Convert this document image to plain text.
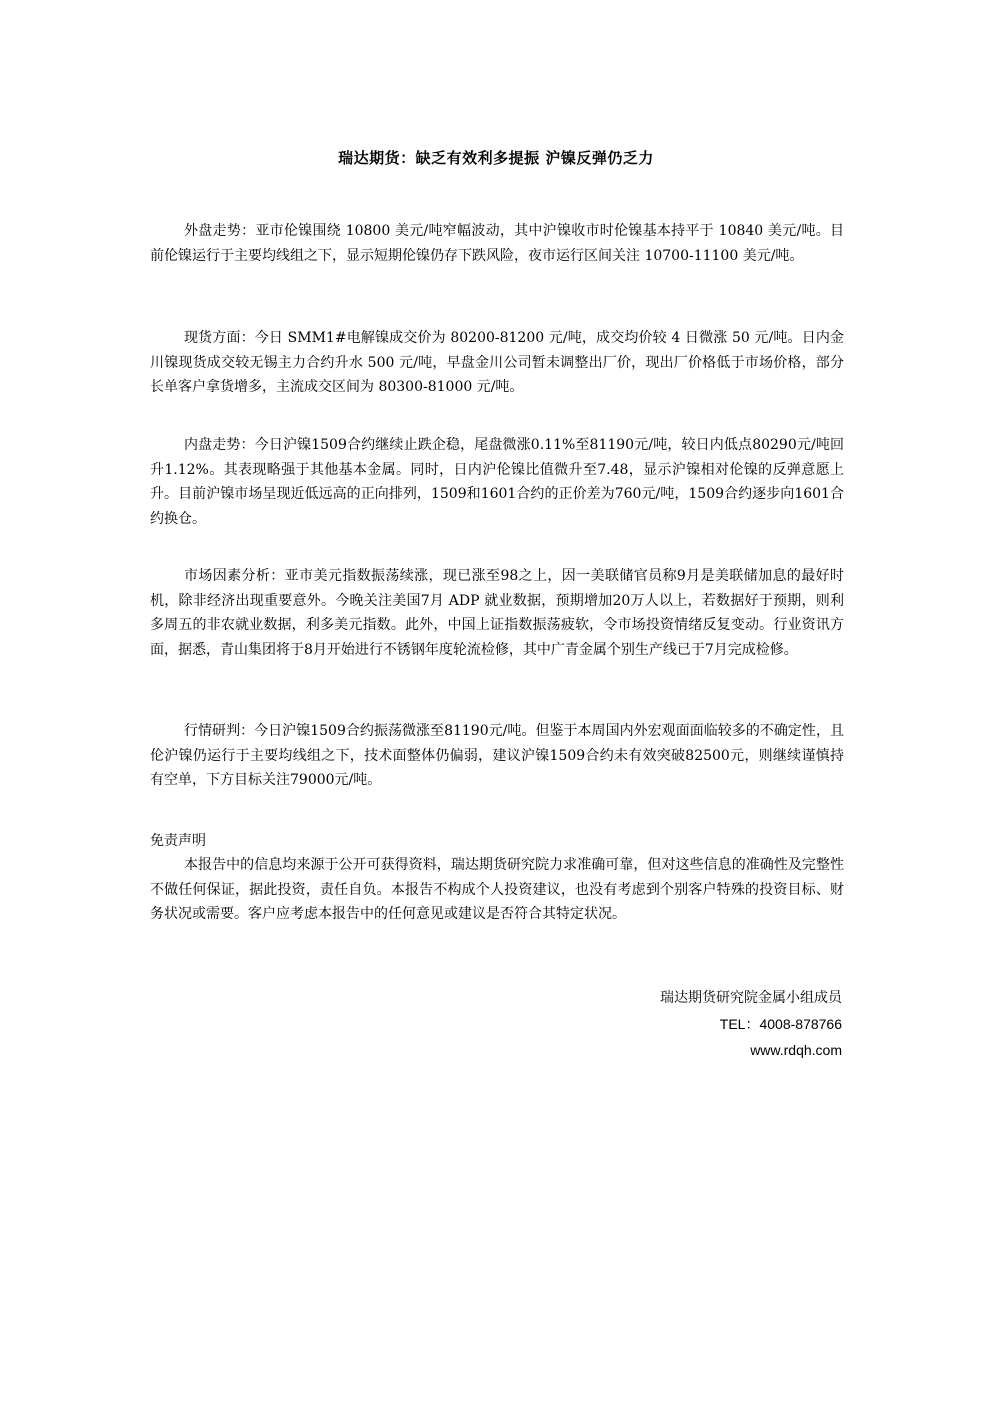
瑞达期货：缺乏有效利多提振 沪镍反弹仍乏力

外盘走势：亚市伦镍围绕 10800 美元/吨窄幅波动，其中沪镍收市时伦镍基本持平于 10840 美元/吨。目前伦镍运行于主要均线组之下，显示短期伦镍仍存下跌风险，夜市运行区间关注 10700-11100 美元/吨。

现货方面：今日 SMM1#电解镍成交价为 80200-81200 元/吨，成交均价较 4 日微涨 50 元/吨。日内金川镍现货成交较无锡主力合约升水 500 元/吨，早盘金川公司暂未调整出厂价，现出厂价格低于市场价格，部分长单客户拿货增多，主流成交区间为 80300-81000 元/吨。

内盘走势：今日沪镍1509合约继续止跌企稳，尾盘微涨0.11%至81190元/吨，较日内低点80290元/吨回升1.12%。其表现略强于其他基本金属。同时，日内沪伦镍比值微升至7.48，显示沪镍相对伦镍的反弹意愿上升。目前沪镍市场呈现近低远高的正向排列，1509和1601合约的正价差为760元/吨，1509合约逐步向1601合约换仓。

市场因素分析：亚市美元指数振荡续涨，现已涨至98之上，因一美联储官员称9月是美联储加息的最好时机，除非经济出现重要意外。今晚关注美国7月 ADP 就业数据，预期增加20万人以上，若数据好于预期，则利多周五的非农就业数据，利多美元指数。此外，中国上证指数振荡疲软，令市场投资情绪反复变动。行业资讯方面，据悉，青山集团将于8月开始进行不锈钢年度轮流检修，其中广青金属个别生产线已于7月完成检修。

行情研判：今日沪镍1509合约振荡微涨至81190元/吨。但鉴于本周国内外宏观面面临较多的不确定性，且伦沪镍仍运行于主要均线组之下，技术面整体仍偏弱，建议沪镍1509合约未有效突破82500元，则继续谨慎持有空单，下方目标关注79000元/吨。

免责声明

本报告中的信息均来源于公开可获得资料，瑞达期货研究院力求准确可靠，但对这些信息的准确性及完整性不做任何保证，据此投资，责任自负。本报告不构成个人投资建议，也没有考虑到个别客户特殊的投资目标、财务状况或需要。客户应考虑本报告中的任何意见或建议是否符合其特定状况。

瑞达期货研究院金属小组成员

TEL：4008-878766

www.rdqh.com
